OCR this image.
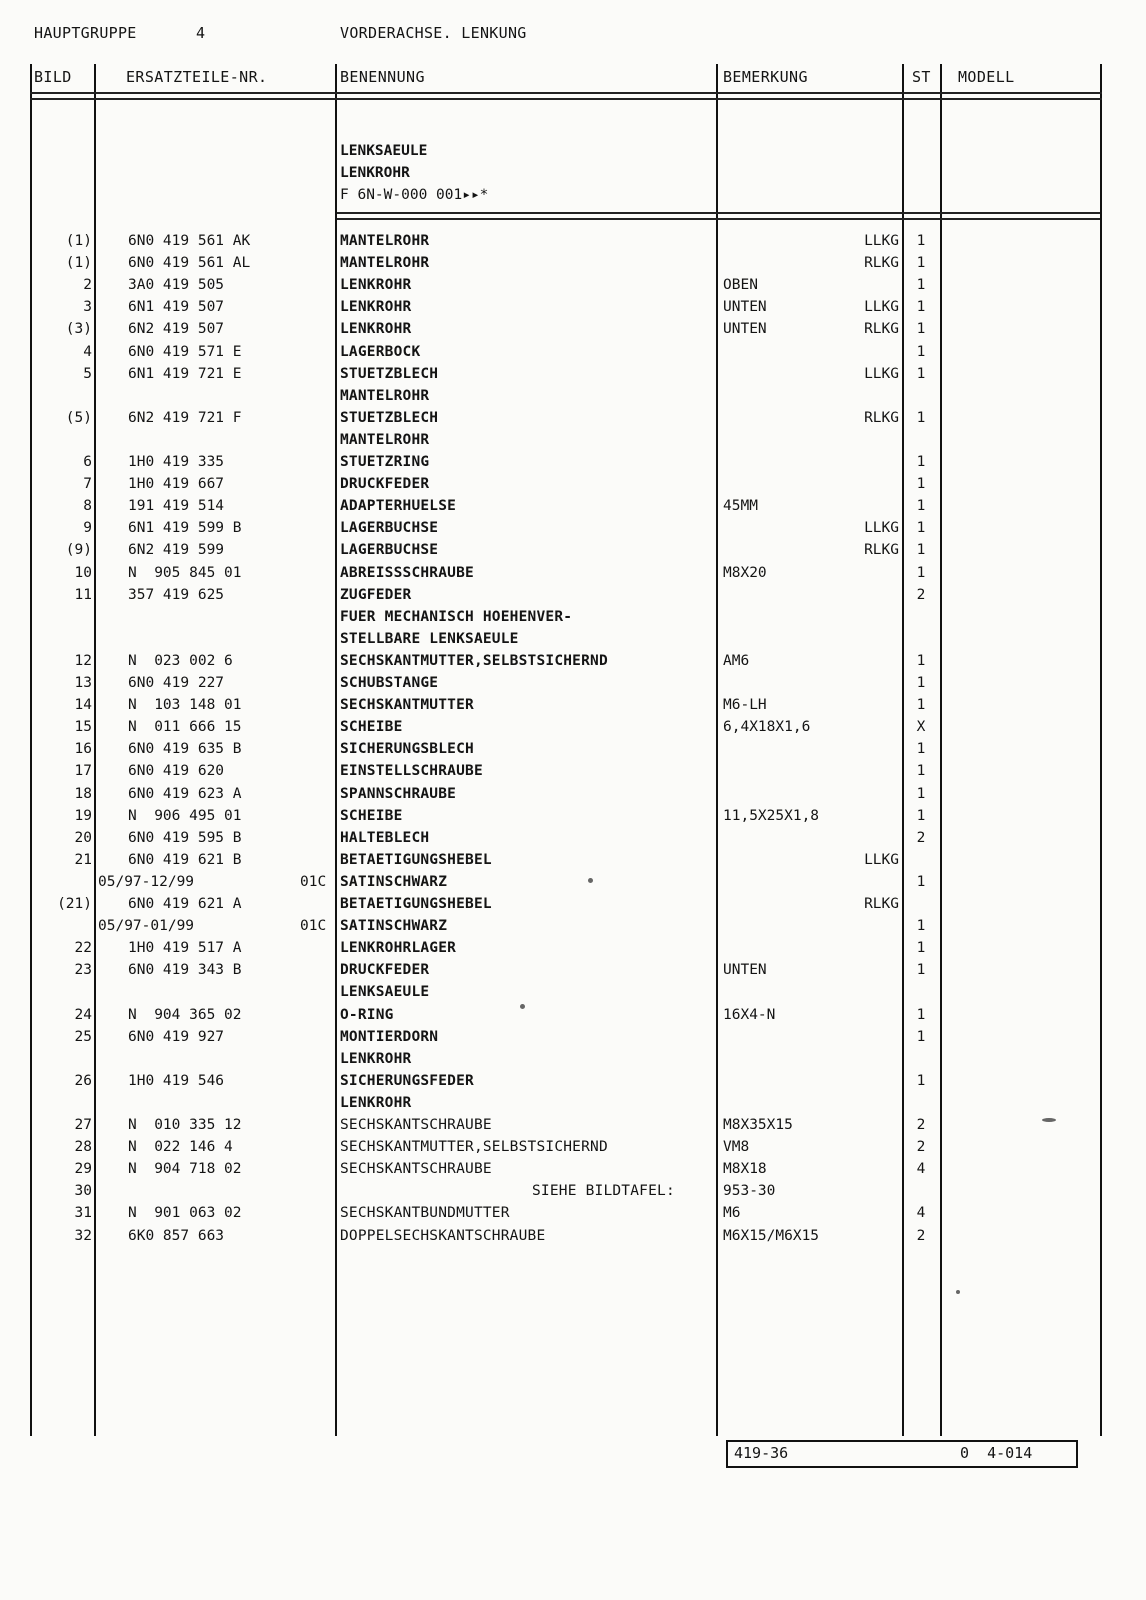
HAUPTGRUPPE	4	VORDERACHSE. LENKUNG
BILD	ERSATZTEILE-NR.	BENENNUNG	BEMERKUNG	ST MODELL
LENKSAEULE
LENKROHR
F 6N-W-000 001▸▸*
(1) 6N0 419 561 AK	MANTELROHR	LLKG	1
(1) 6N0 419 561 AL	MANTELROHR	RLKG	1
2 3A0 419 505	LENKROHR	OBEN	1
3 6N1 419 507	LENKROHR	UNTEN	LLKG	1
(3) 6N2 419 507	LENKROHR	UNTEN	RLKG	1
4 6N0 419 571 E	LAGERBOCK	1
5 6N1 419 721 E	STUETZBLECH	LLKG	1
MANTELROHR
(5) 6N2 419 721 F	STUETZBLECH	RLKG	1
MANTELROHR
6 1H0 419 335	STUETZRING	1
7 1H0 419 667	DRUCKFEDER	1
8 191 419 514	ADAPTERHUELSE	45MM	1
9 6N1 419 599 B	LAGERBUCHSE	LLKG	1
(9) 6N2 419 599	LAGERBUCHSE	RLKG	1
10 N  905 845 01	ABREISSSCHRAUBE	M8X20	1
11 357 419 625	ZUGFEDER	2
FUER MECHANISCH HOEHENVER-
STELLBARE LENKSAEULE
12 N  023 002 6	SECHSKANTMUTTER,SELBSTSICHERND	AM6	1
13 6N0 419 227	SCHUBSTANGE	1
14 N  103 148 01	SECHSKANTMUTTER	M6-LH	1
15 N  011 666 15	SCHEIBE	6,4X18X1,6	X
16 6N0 419 635 B	SICHERUNGSBLECH	1
17 6N0 419 620	EINSTELLSCHRAUBE	1
18 6N0 419 623 A	SPANNSCHRAUBE	1
19 N  906 495 01	SCHEIBE	11,5X25X1,8	1
20 6N0 419 595 B	HALTEBLECH	2
21 6N0 419 621 B	BETAETIGUNGSHEBEL	LLKG
05/97-12/99	01C SATINSCHWARZ	1
(21) 6N0 419 621 A	BETAETIGUNGSHEBEL	RLKG
05/97-01/99	01C SATINSCHWARZ	1
22 1H0 419 517 A	LENKROHRLAGER	1
23 6N0 419 343 B	DRUCKFEDER	UNTEN	1
LENKSAEULE
24 N  904 365 02	O-RING	16X4-N	1
25 6N0 419 927	MONTIERDORN	1
LENKROHR
26 1H0 419 546	SICHERUNGSFEDER	1
LENKROHR
27 N  010 335 12	SECHSKANTSCHRAUBE	M8X35X15	2
28 N  022 146 4	SECHSKANTMUTTER,SELBSTSICHERND	VM8	2
29 N  904 718 02	SECHSKANTSCHRAUBE	M8X18	4
30	SIEHE BILDTAFEL:	953-30
31 N  901 063 02	SECHSKANTBUNDMUTTER	M6	4
32 6K0 857 663	DOPPELSECHSKANTSCHRAUBE	M6X15/M6X15	2
419-36	0  4-014
